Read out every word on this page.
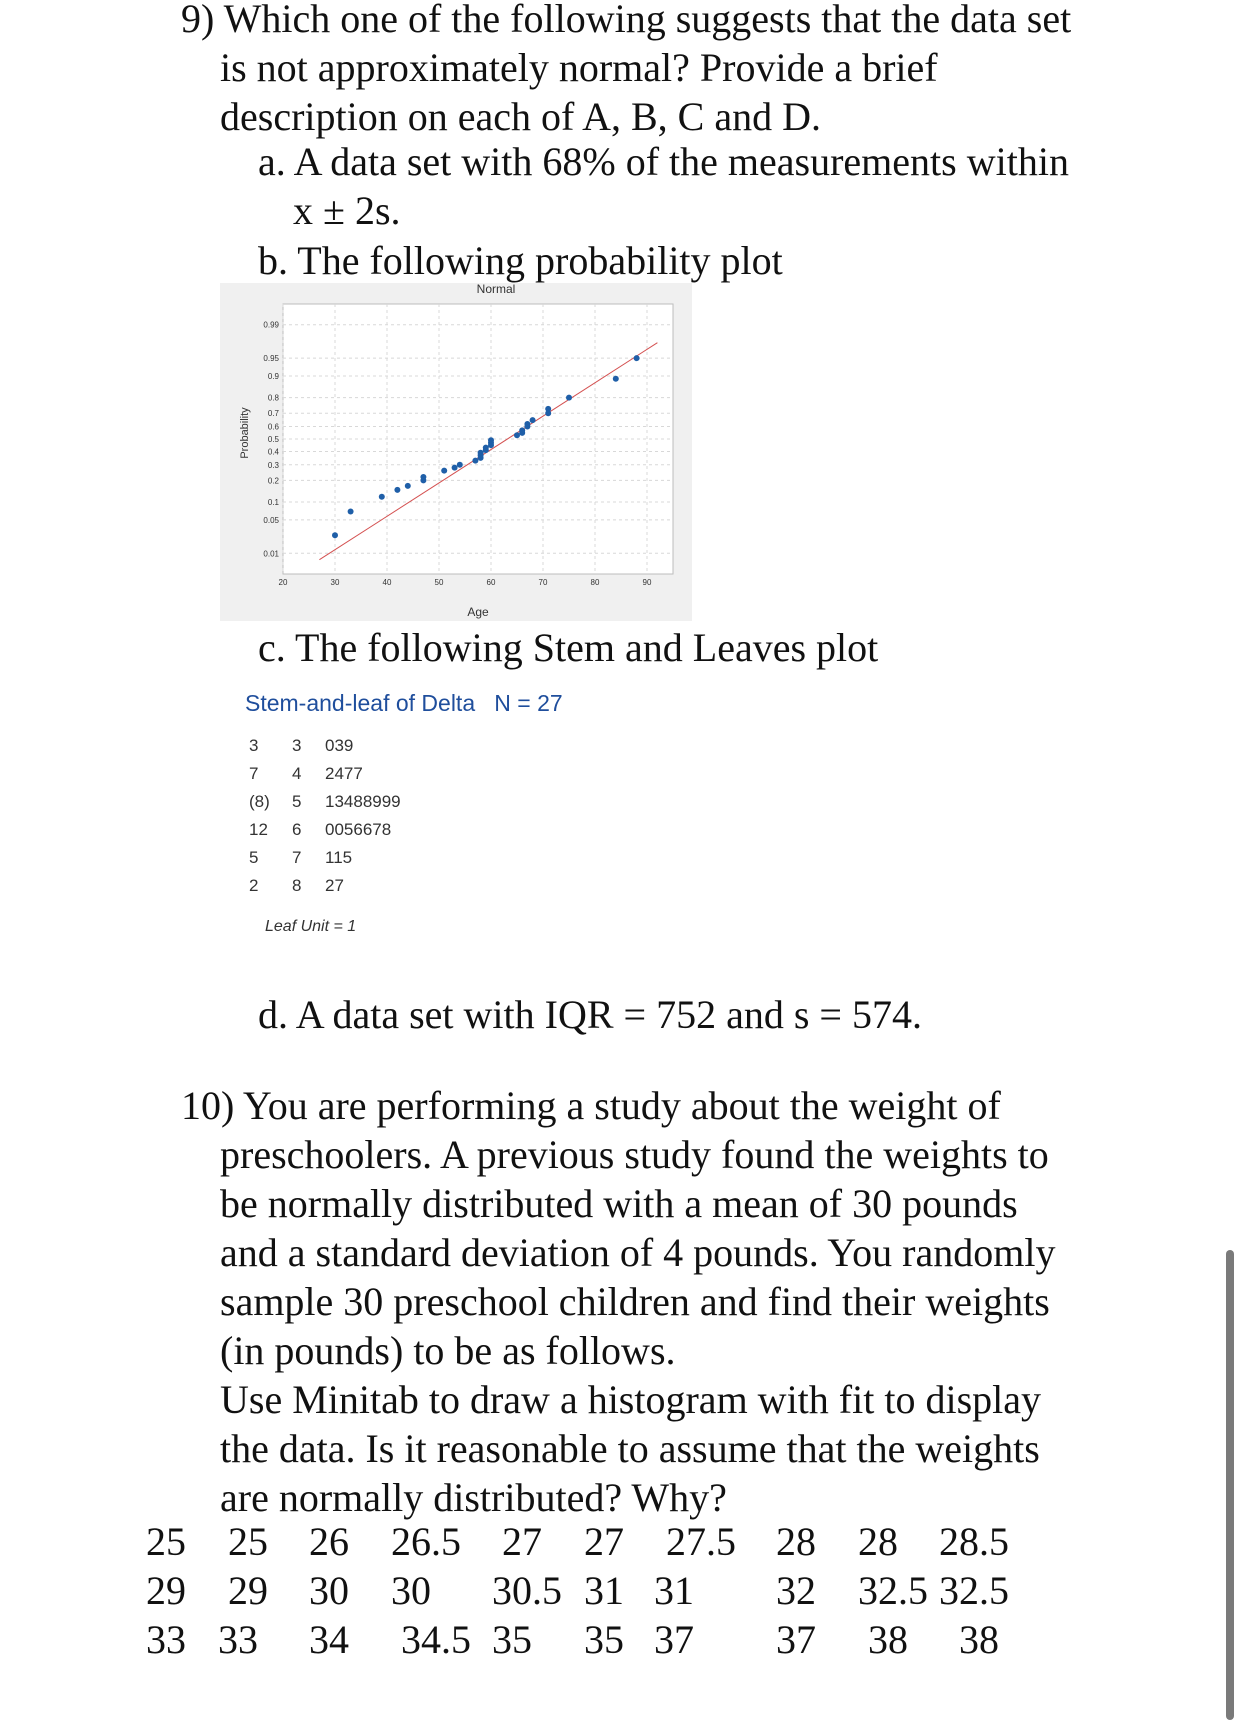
9) Which one of the following suggests that the data set

is not approximately normal? Provide a brief

description on each of A, B, C and D.

a. A data set with 68% of the measurements within
x ± 2s.
b. The following probability plot
Normal
Probability
Age
0.99
0.95
0.9
0.8
0.7
0.6
0.5
0.4
0.3
0.2
0.1
0.05
0.01
20	30	40	50	60	70	80	90
c. The following Stem and Leaves plot
Stem-and-leaf of Delta   N = 27
3 3 039
7 4 2477
(8) 5 13488999
12 6 0056678
5 7 115
2 8 27
Leaf Unit = 1
d. A data set with IQR = 752 and s = 574.

10) You are performing a study about the weight of

preschoolers. A previous study found the weights to

be normally distributed with a mean of 30 pounds

and a standard deviation of 4 pounds. You randomly

sample 30 preschool children and find their weights

(in pounds) to be as follows.

Use Minitab to draw a histogram with fit to display

the data. Is it reasonable to assume that the weights

are normally distributed? Why?

25 25 26 26.5 27 27 27.5 28 28 28.5
29 29 30 30 30.5 31 31 32 32.5 32.5
33 33 34 34.5 35 35 37 37 38 38
